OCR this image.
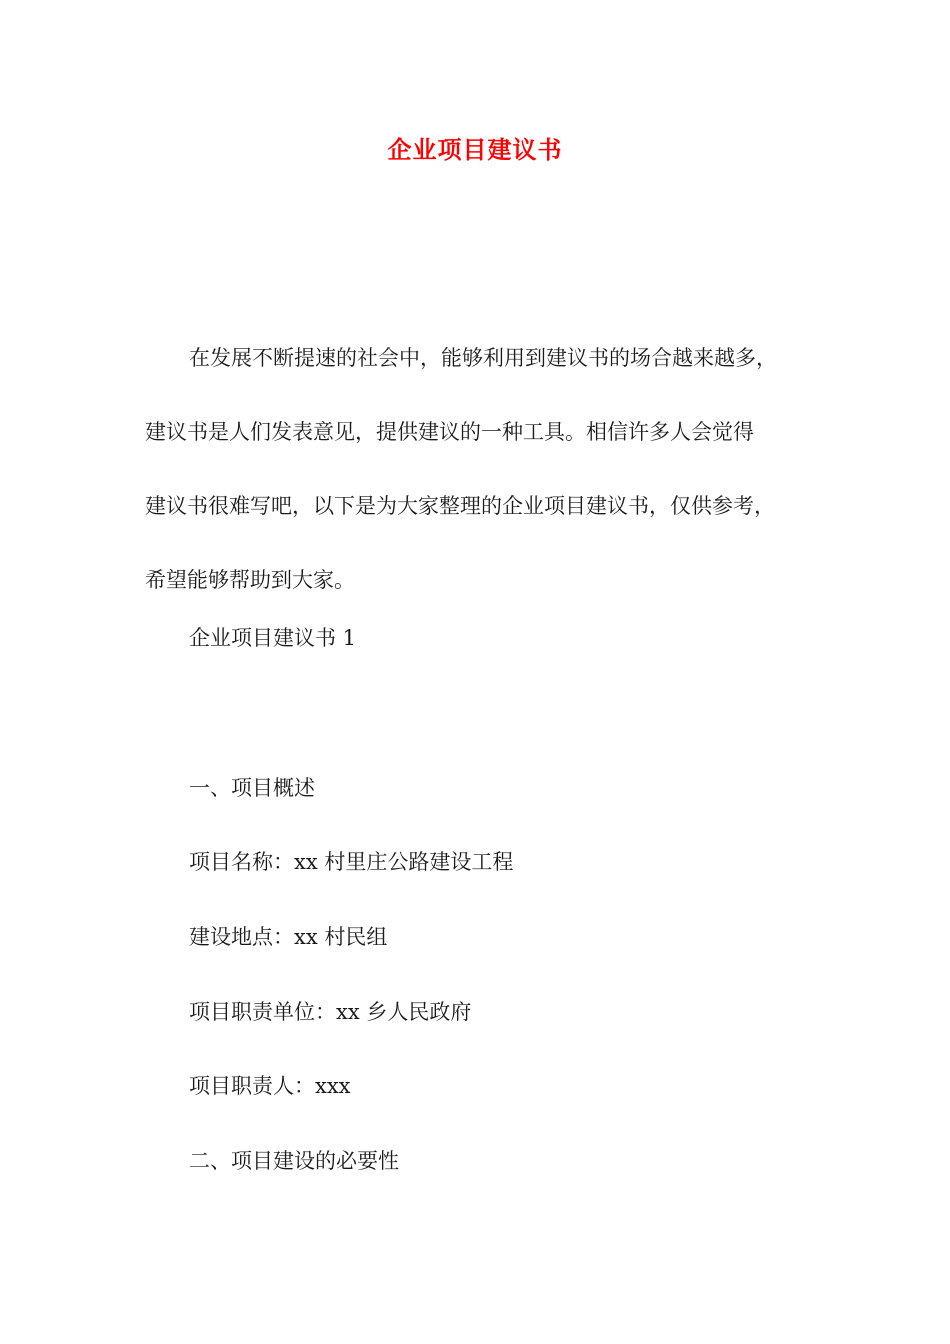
企业项目建议书
在发展不断提速的社会中，能够利用到建议书的场合越来越多，
建议书是人们发表意见，提供建议的一种工具。相信许多人会觉得
建议书很难写吧，以下是为大家整理的企业项目建议书，仅供参考，
希望能够帮助到大家。

企业项目建议书 1

一、项目概述

项目名称：xx 村里庄公路建设工程

建设地点：xx 村民组

项目职责单位：xx 乡人民政府

项目职责人：xxx

二、项目建设的必要性
